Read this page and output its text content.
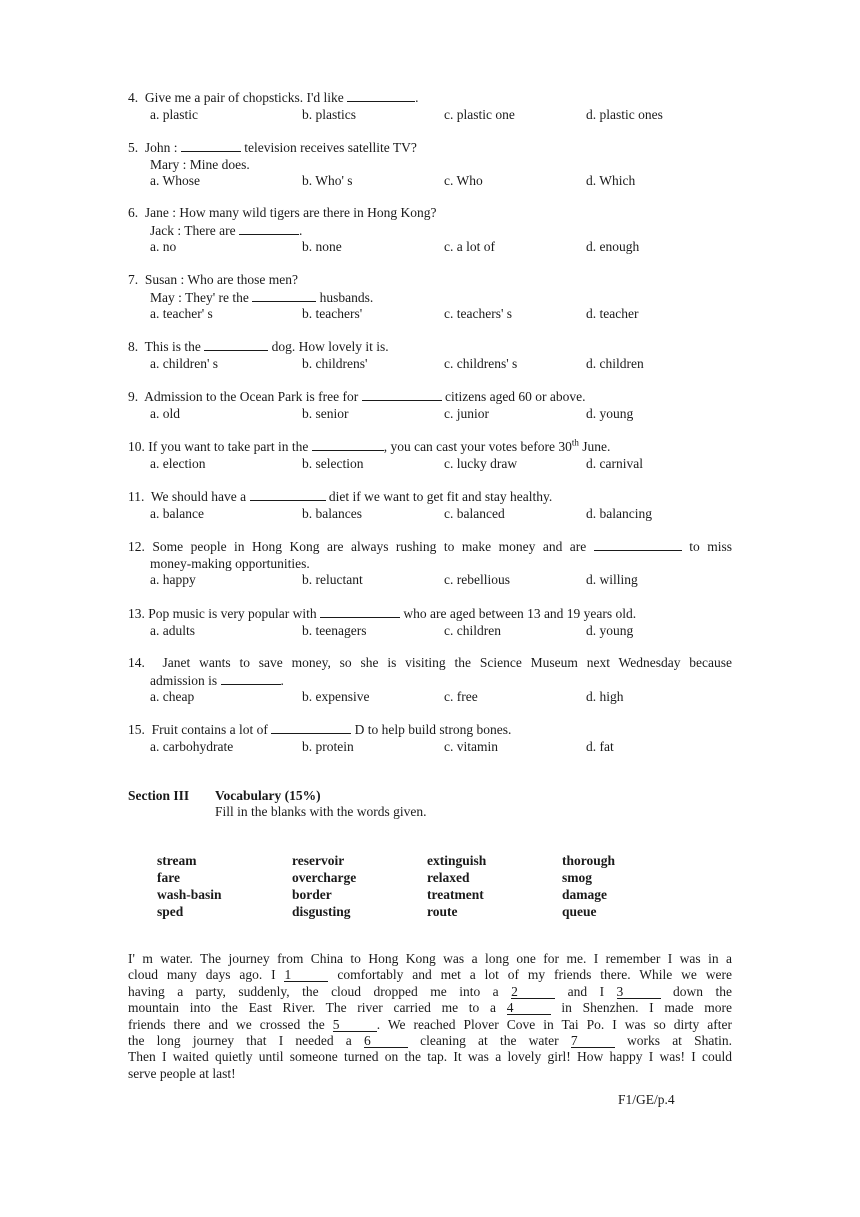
4. Give me a pair of chopsticks. I'd like	.
a. plastic	b. plastics	c. plastic one	d. plastic ones
5. John :	television receives satellite TV?
Mary : Mine does.
a. Whose	b. Who' s	c. Who	d. Which
6. Jane : How many wild tigers are there in Hong Kong?
Jack : There are	.
a. no	b. none	c. a lot of	d. enough
7. Susan : Who are those men?
May : They' re the	husbands.
a. teacher' s	b. teachers'	c. teachers' s	d. teacher
8. This is the	dog. How lovely it is.
a. children' s	b. childrens'	c. childrens' s	d. children
9. Admission to the Ocean Park is free for	citizens aged 60 or above.
a. old	b. senior	c. junior	d. young
10. If you want to take part in the	, you can cast your votes before 30th June.
a. election	b. selection	c. lucky draw	d. carnival
11. We should have a	diet if we want to get fit and stay healthy.
a. balance	b. balances	c. balanced	d. balancing
12. Some people in Hong Kong are always rushing to make money and are	to miss
money-making opportunities.
a. happy	b. reluctant	c. rebellious	d. willing
13. Pop music is very popular with	who are aged between 13 and 19 years old.
a. adults	b. teenagers	c. children	d. young
14. Janet wants to save money, so she is visiting the Science Museum next Wednesday because
admission is	.
a. cheap	b. expensive	c. free	d. high
15. Fruit contains a lot of	D to help build strong bones.
a. carbohydrate	b. protein	c. vitamin	d. fat
Section III Vocabulary (15%)
Fill in the blanks with the words given.
stream	reservoir	extinguish	thorough
fare	overcharge	relaxed	smog
wash-basin	border	treatment	damage
sped	disgusting	route	queue
I' m water. The journey from China to Hong Kong was a long one for me. I remember I was in a
cloud many days ago. I 1	comfortably and met a lot of my friends there. While we were
having a party, suddenly, the cloud dropped me into a 2	and I 3	down the
mountain into the East River. The river carried me to a 4	in Shenzhen. I made more
friends there and we crossed the 5	. We reached Plover Cove in Tai Po. I was so dirty after
the long journey that I needed a 6	cleaning at the water 7	works at Shatin.
Then I waited quietly until someone turned on the tap. It was a lovely girl! How happy I was! I could
serve people at last!
F1/GE/p.4
